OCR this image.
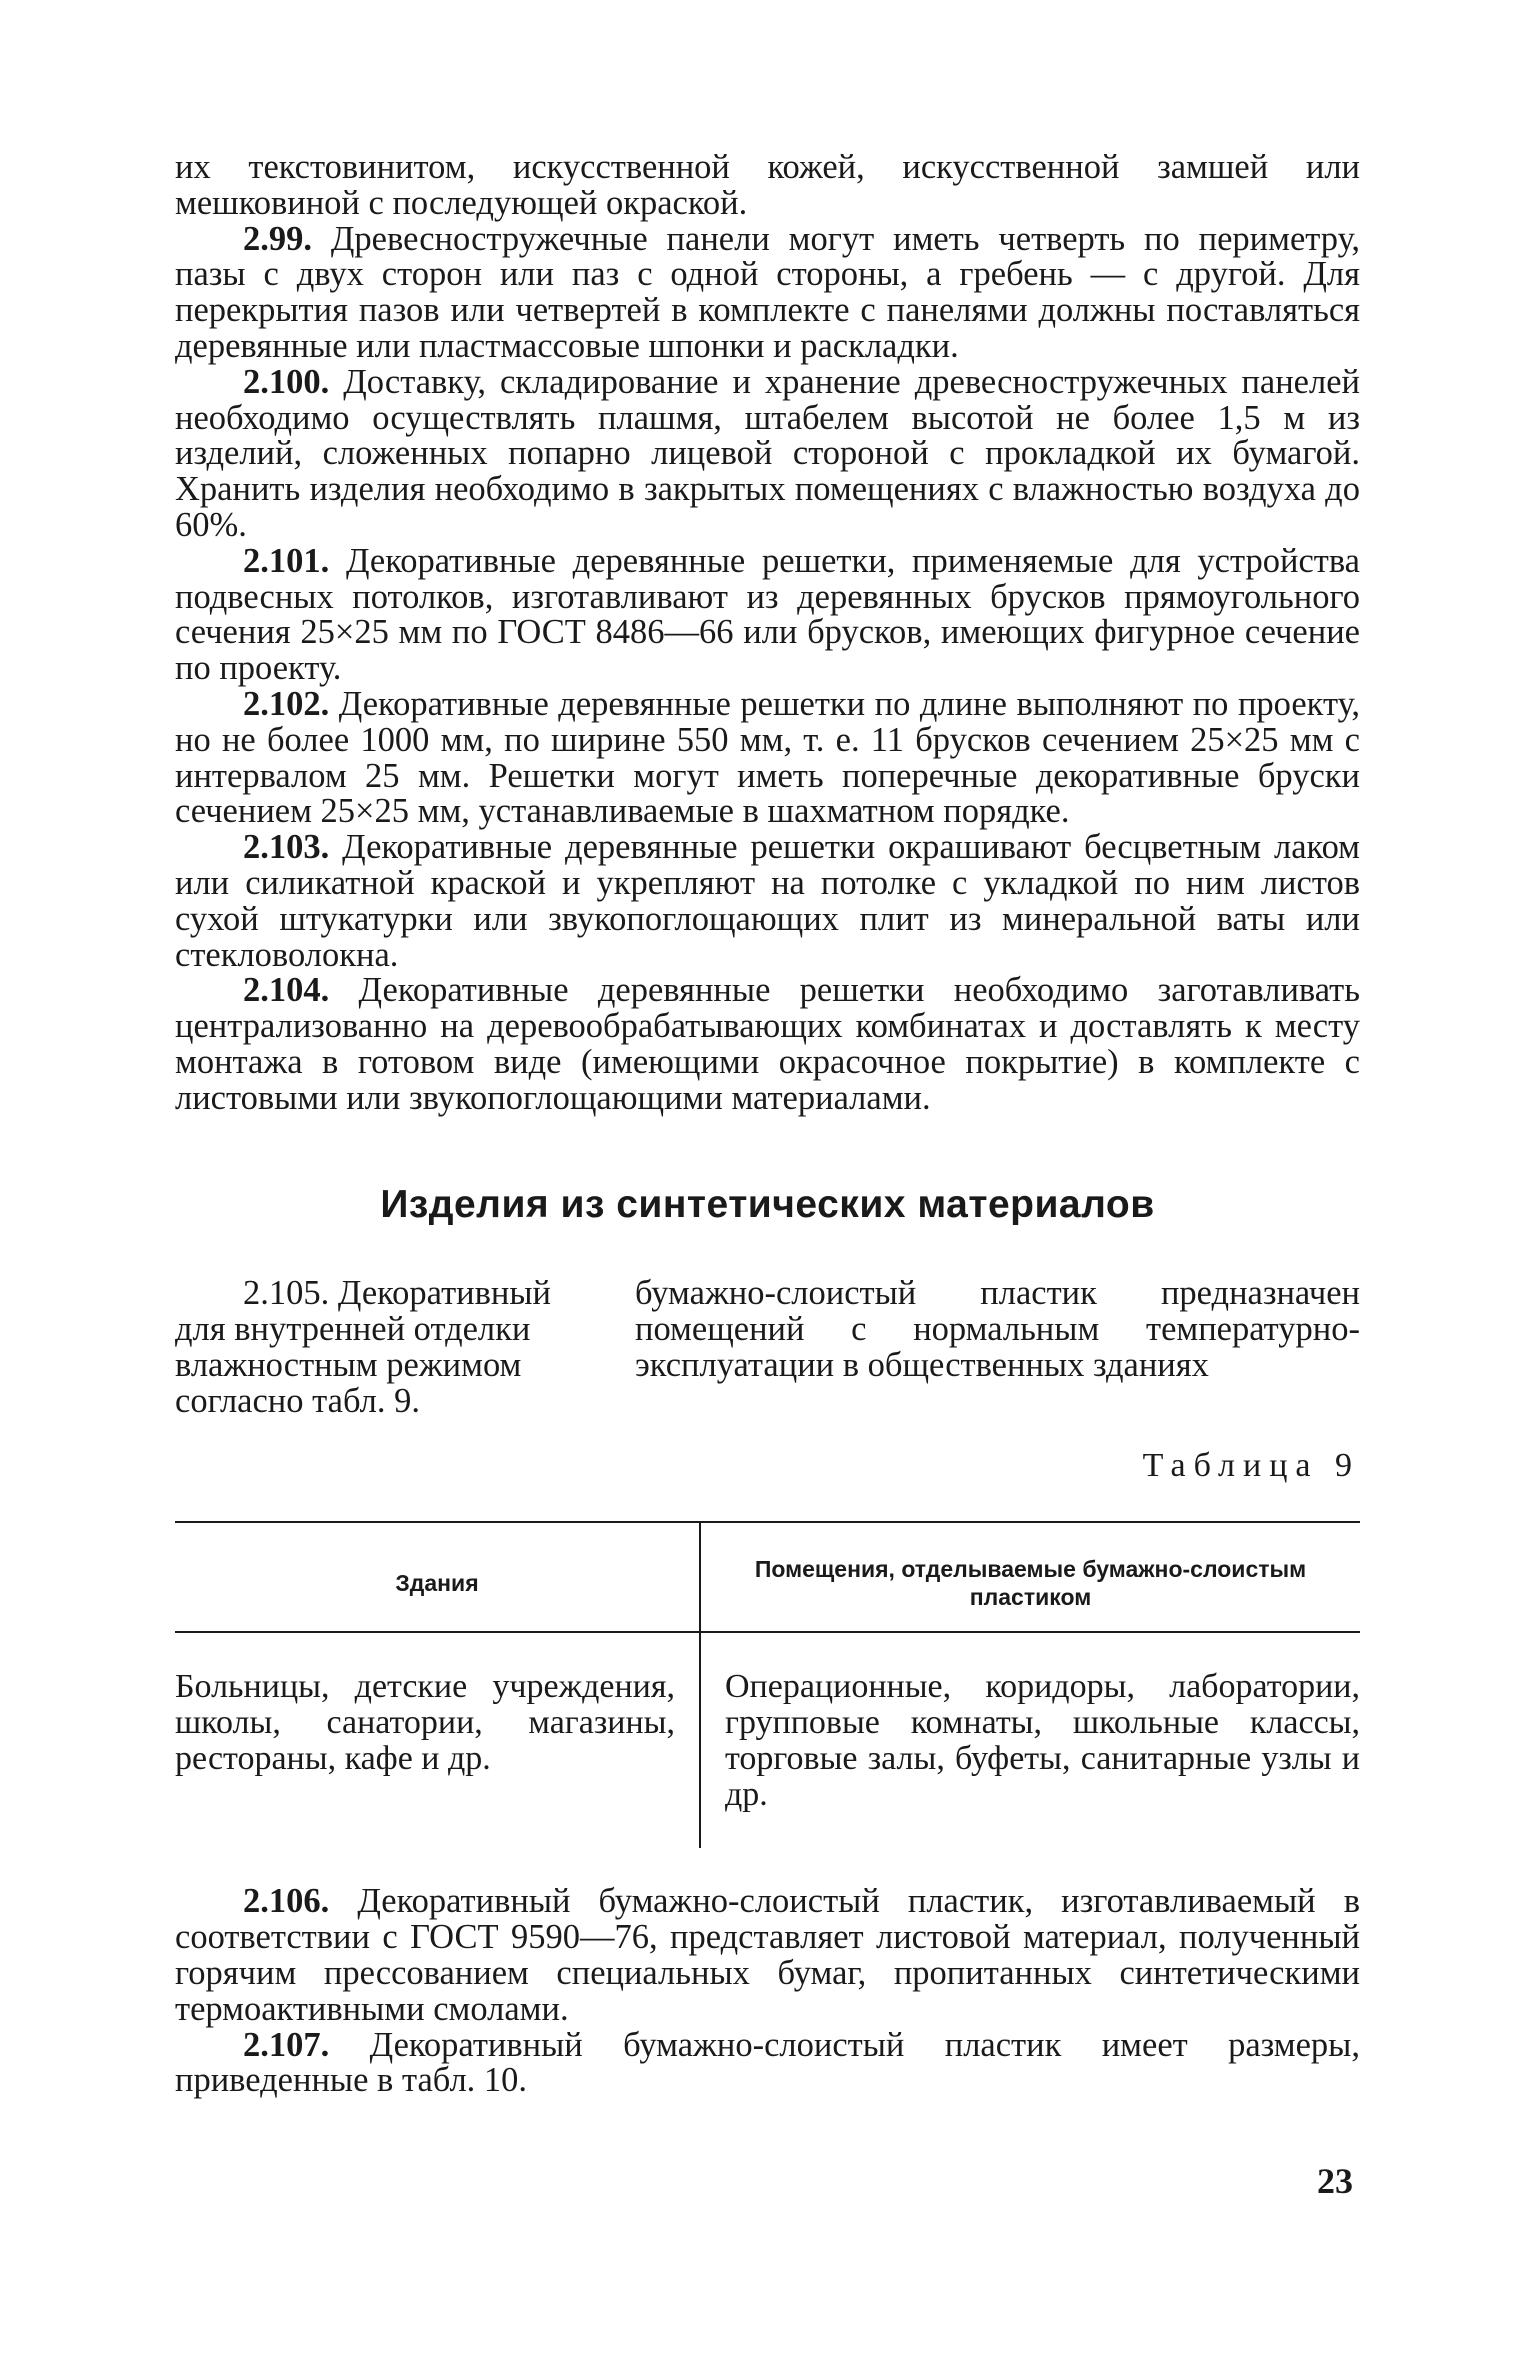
их текстовинитом, искусственной кожей, искусственной замшей или мешковиной с последующей окраской.

2.99. Древесностружечные панели могут иметь четверть по периметру, пазы с двух сторон или паз с одной стороны, а гребень — с другой. Для перекрытия пазов или четвертей в комплекте с панелями должны поставляться деревянные или пластмассовые шпонки и раскладки.

2.100. Доставку, складирование и хранение древесностружечных панелей необходимо осуществлять плашмя, штабелем высотой не более 1,5 м из изделий, сложенных попарно лицевой стороной с прокладкой их бумагой. Хранить изделия необходимо в закрытых помещениях с влажностью воздуха до 60%.

2.101. Декоративные деревянные решетки, применяемые для устройства подвесных потолков, изготавливают из деревянных брусков прямоугольного сечения 25×25 мм по ГОСТ 8486—66 или брусков, имеющих фигурное сечение по проекту.

2.102. Декоративные деревянные решетки по длине выполняют по проекту, но не более 1000 мм, по ширине 550 мм, т. е. 11 брусков сечением 25×25 мм с интервалом 25 мм. Решетки могут иметь поперечные декоративные бруски сечением 25×25 мм, устанавливаемые в шахматном порядке.

2.103. Декоративные деревянные решетки окрашивают бесцветным лаком или силикатной краской и укрепляют на потолке с укладкой по ним листов сухой штукатурки или звукопоглощающих плит из минеральной ваты или стекловолокна.

2.104. Декоративные деревянные решетки необходимо заготавливать централизованно на деревообрабатывающих комбинатах и доставлять к месту монтажа в готовом виде (имеющими окрасочное покрытие) в комплекте с листовыми или звукопоглощающими материалами.

Изделия из синтетических материалов
2.105. Декоративный
для внутренней отделки
влажностным режимом
согласно табл. 9.
бумажно-слоистый пластик предназначен помещений с нормальным температурно-эксплуатации в общественных зданиях
Таблица 9
Здания	Помещения, отделываемые бумажно-слоистым пластиком
Больницы, детские учреждения, школы, санатории, магазины, рестораны, кафе и др.	Операционные, коридоры, лаборатории, групповые комнаты, школьные классы, торговые залы, буфеты, санитарные узлы и др.

2.106. Декоративный бумажно-слоистый пластик, изготавливаемый в соответствии с ГОСТ 9590—76, представляет листовой материал, полученный горячим прессованием специальных бумаг, пропитанных синтетическими термоактивными смолами.

2.107. Декоративный бумажно-слоистый пластик имеет размеры, приведенные в табл. 10.

23
